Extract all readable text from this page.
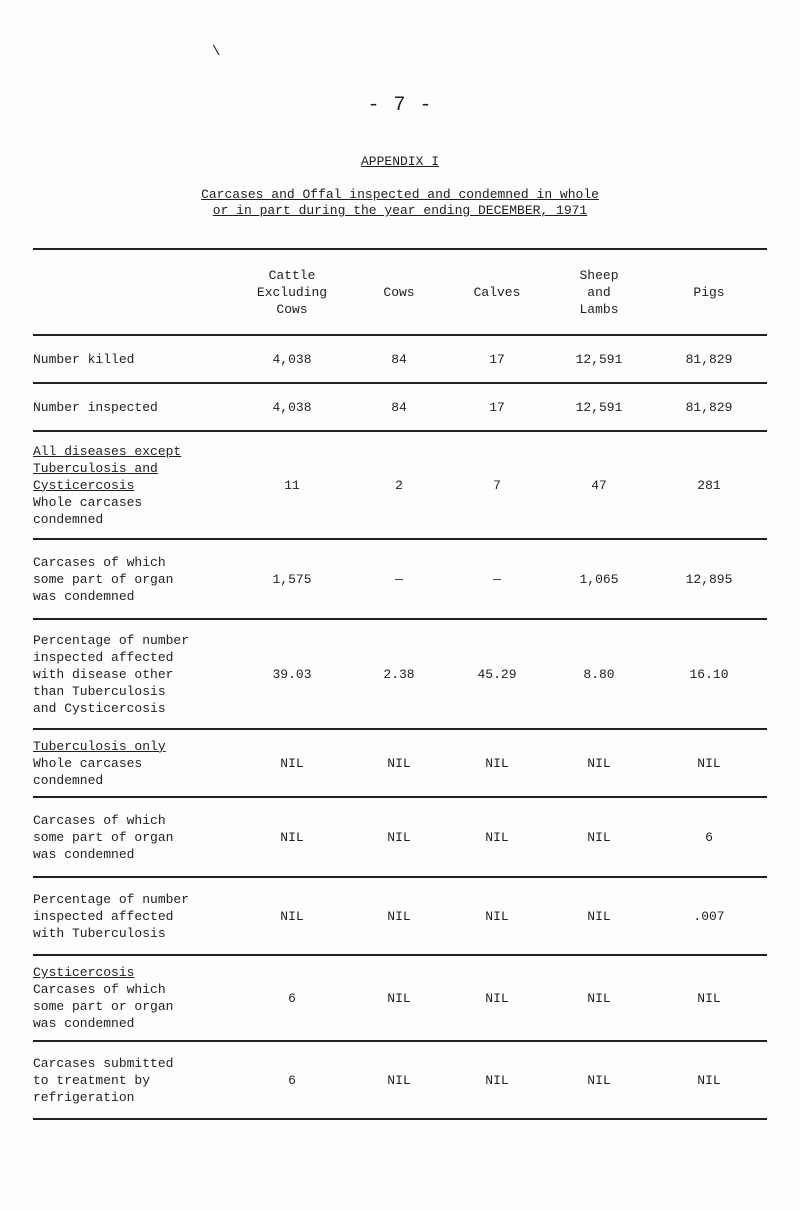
\
- 7 -
APPENDIX I
Carcases and Offal inspected and condemned in whole
or in part during the year ending DECEMBER, 1971
	Cattle
Excluding
Cows	Cows	Calves	Sheep
and
Lambs	Pigs

Number killed	4,038	84	17	12,591	81,829

Number inspected	4,038	84	17	12,591	81,829

All diseases except
Tuberculosis and
Cysticercosis
Whole carcases
condemned	11	2	7	47	281

Carcases of which
some part of organ
was condemned	1,575	—	—	1,065	12,895

Percentage of number
inspected affected
with disease other
than Tuberculosis
and Cysticercosis	39.03	2.38	45.29	8.80	16.10

Tuberculosis only
Whole carcases
condemned	NIL	NIL	NIL	NIL	NIL

Carcases of which
some part of organ
was condemned	NIL	NIL	NIL	NIL	6

Percentage of number
inspected affected
with Tuberculosis	NIL	NIL	NIL	NIL	.007

Cysticercosis
Carcases of which
some part or organ
was condemned	6	NIL	NIL	NIL	NIL

Carcases submitted
to treatment by
refrigeration	6	NIL	NIL	NIL	NIL
